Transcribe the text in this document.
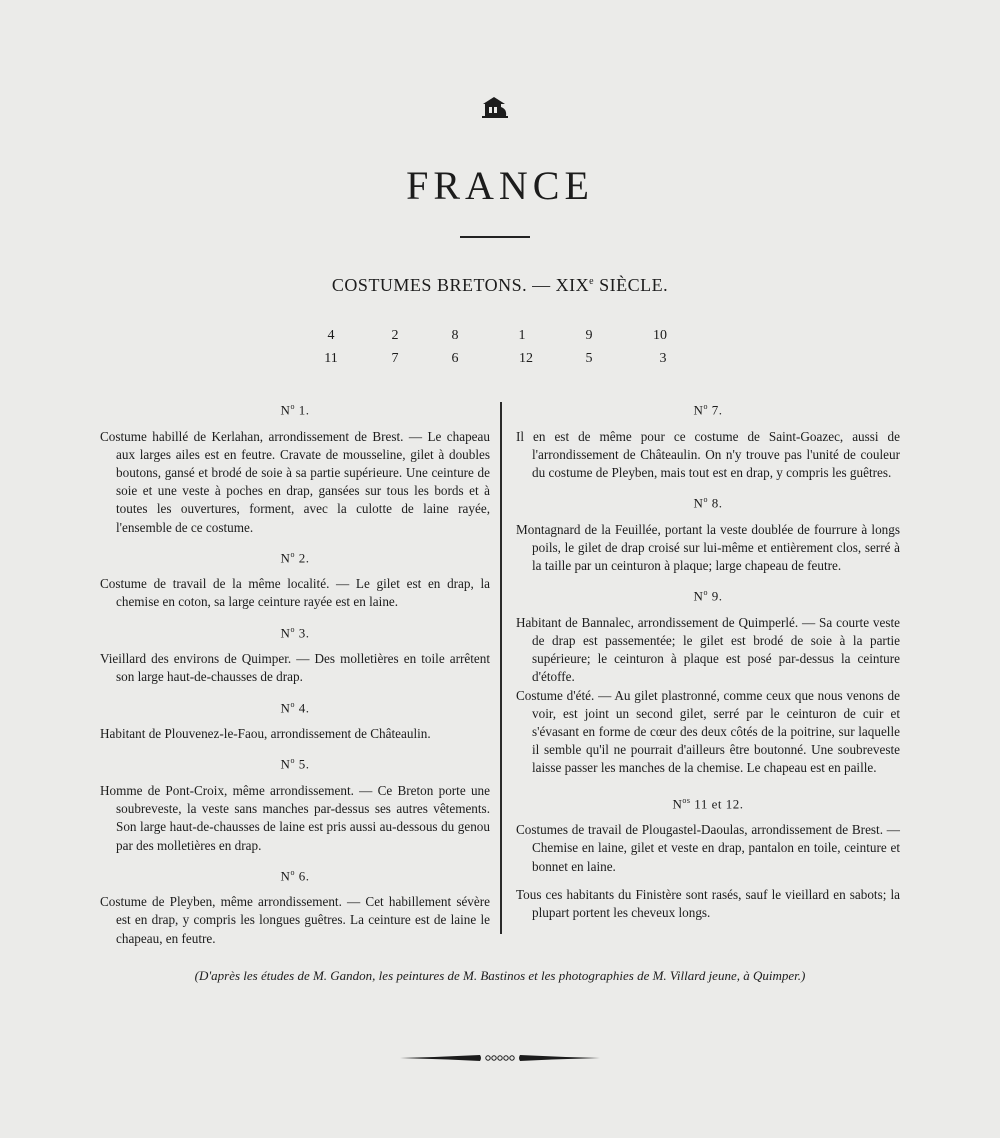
FRANCE
COSTUMES BRETONS. — XIXe SIÈCLE.
4	2	8	1	9	10
11	7	6	12	5	3
$N^o$ 1.

Costume habillé de Kerlahan, arrondissement de Brest. — Le chapeau aux larges ailes est en feutre. Cravate de mousseline, gilet à doubles boutons, gansé et brodé de soie à sa partie supérieure. Une ceinture de soie et une veste à poches en drap, gansées sur tous les bords et à toutes les ouvertures, forment, avec la culotte de laine rayée, l'ensemble de ce costume.

$N^o$ 2.

Costume de travail de la même localité. — Le gilet est en drap, la chemise en coton, sa large ceinture rayée est en laine.

$N^o$ 3.

Vieillard des environs de Quimper. — Des molletières en toile arrêtent son large haut-de-chausses de drap.

$N^o$ 4.

Habitant de Plouvenez-le-Faou, arrondissement de Châteaulin.

$N^o$ 5.

Homme de Pont-Croix, même arrondissement. — Ce Breton porte une soubreveste, la veste sans manches par-dessus ses autres vêtements. Son large haut-de-chausses de laine est pris aussi au-dessous du genou par des molletières en drap.

$N^o$ 6.

Costume de Pleyben, même arrondissement. — Cet habillement sévère est en drap, y compris les longues guêtres. La ceinture est de laine le chapeau, en feutre.

$N^o$ 7.

Il en est de même pour ce costume de Saint-Goazec, aussi de l'arrondissement de Châteaulin. On n'y trouve pas l'unité de couleur du costume de Pleyben, mais tout est en drap, y compris les guêtres.

$N^o$ 8.

Montagnard de la Feuillée, portant la veste doublée de fourrure à longs poils, le gilet de drap croisé sur lui-même et entièrement clos, serré à la taille par un ceinturon à plaque; large chapeau de feutre.

$N^o$ 9.

Habitant de Bannalec, arrondissement de Quimperlé. — Sa courte veste de drap est passementée; le gilet est brodé de soie à la partie supérieure; le ceinturon à plaque est posé par-dessus la ceinture d'étoffe.

Costume d'été. — Au gilet plastronné, comme ceux que nous venons de voir, est joint un second gilet, serré par le ceinturon de cuir et s'évasant en forme de cœur des deux côtés de la poitrine, sur laquelle il semble qu'il ne pourrait d'ailleurs être boutonné. Une soubreveste laisse passer les manches de la chemise. Le chapeau est en paille.

$N^{os}$ 11 et 12.

Costumes de travail de Plougastel-Daoulas, arrondissement de Brest. — Chemise en laine, gilet et veste en drap, pantalon en toile, ceinture et bonnet en laine.

Tous ces habitants du Finistère sont rasés, sauf le vieillard en sabots; la plupart portent les cheveux longs.

(D'après les études de M. Gandon, les peintures de M. Bastinos et les photographies de M. Villard jeune, à Quimper.)
